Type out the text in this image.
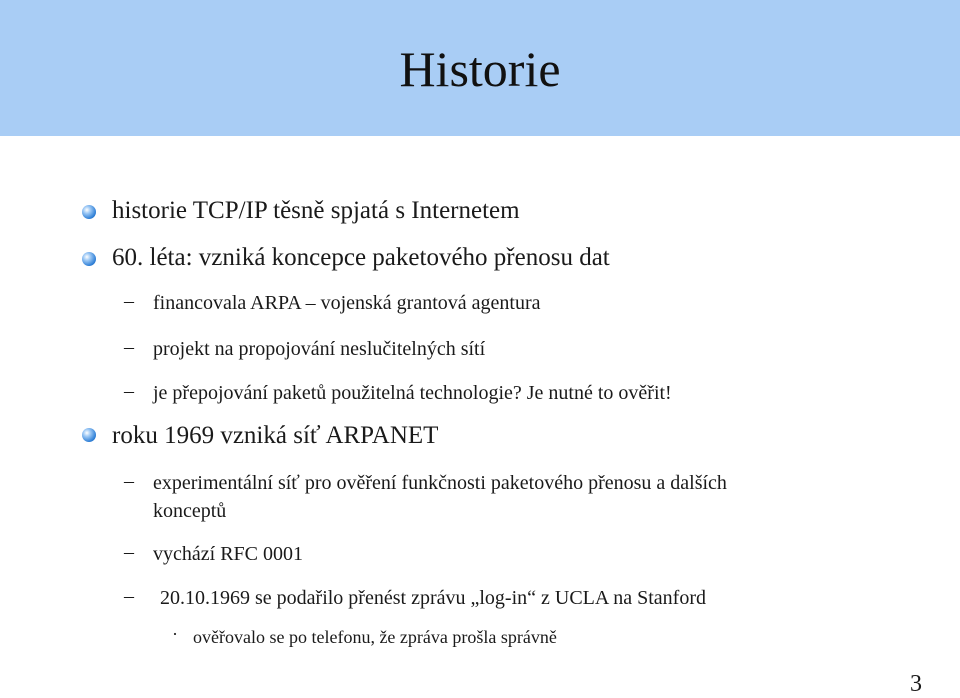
Historie
historie TCP/IP těsně spjatá s Internetem
60. léta: vzniká koncepce paketového přenosu dat
– financovala ARPA – vojenská grantová agentura
– projekt na propojování neslučitelných sítí
– je přepojování paketů použitelná technologie? Je nutné to ověřit!
roku 1969 vzniká síť ARPANET
– experimentální síť pro ověření funkčnosti paketového přenosu a dalších
konceptů
– vychází RFC 0001
– 20.10.1969 se podařilo přenést zprávu „log-in“ z UCLA na Stanford
· ověřovalo se po telefonu, že zpráva prošla správně
3
